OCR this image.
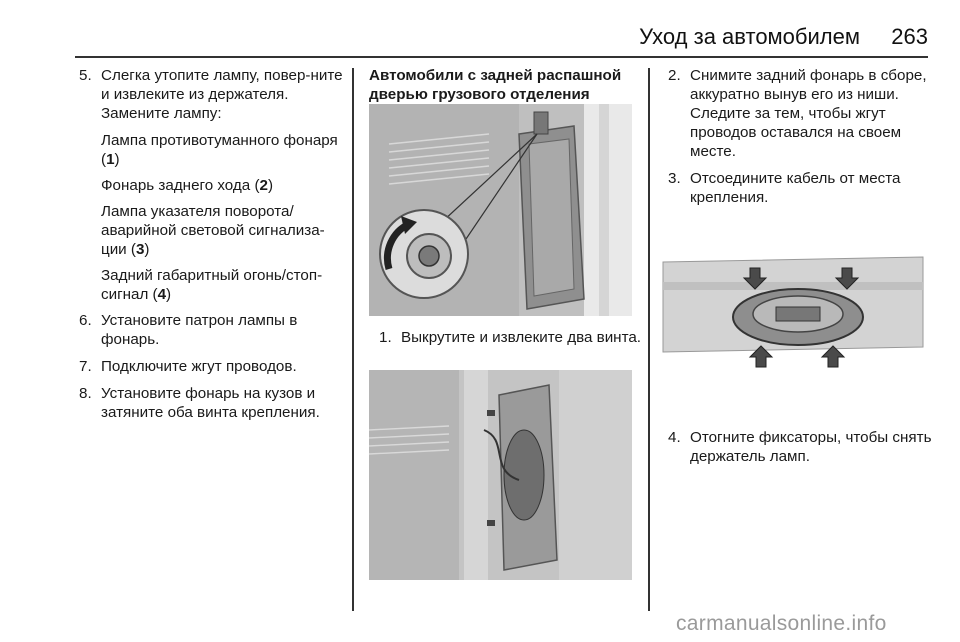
Уход за автомобилем	263
5. Слегка утопите лампу, повер-ните и извлеките из держателя. Замените лампу:

Лампа противотуманного фонаря (1)
Фонарь заднего хода (2)
Лампа указателя поворота/ аварийной световой сигнализа-ции (3)
Задний габаритный огонь/стоп-сигнал (4)
6. Установите патрон лампы в фонарь.

7. Подключите жгут проводов.

8. Установите фонарь на кузов и затяните оба винта крепления.

Автомобили с задней распашной дверью грузового отделения

1. Выкрутите и извлеките два винта.

2. Снимите задний фонарь в сборе, аккуратно вынув его из ниши. Следите за тем, чтобы жгут проводов оставался на своем месте.

3. Отсоедините кабель от места крепления.

4. Отогните фиксаторы, чтобы снять держатель ламп.

carmanualsonline.info
